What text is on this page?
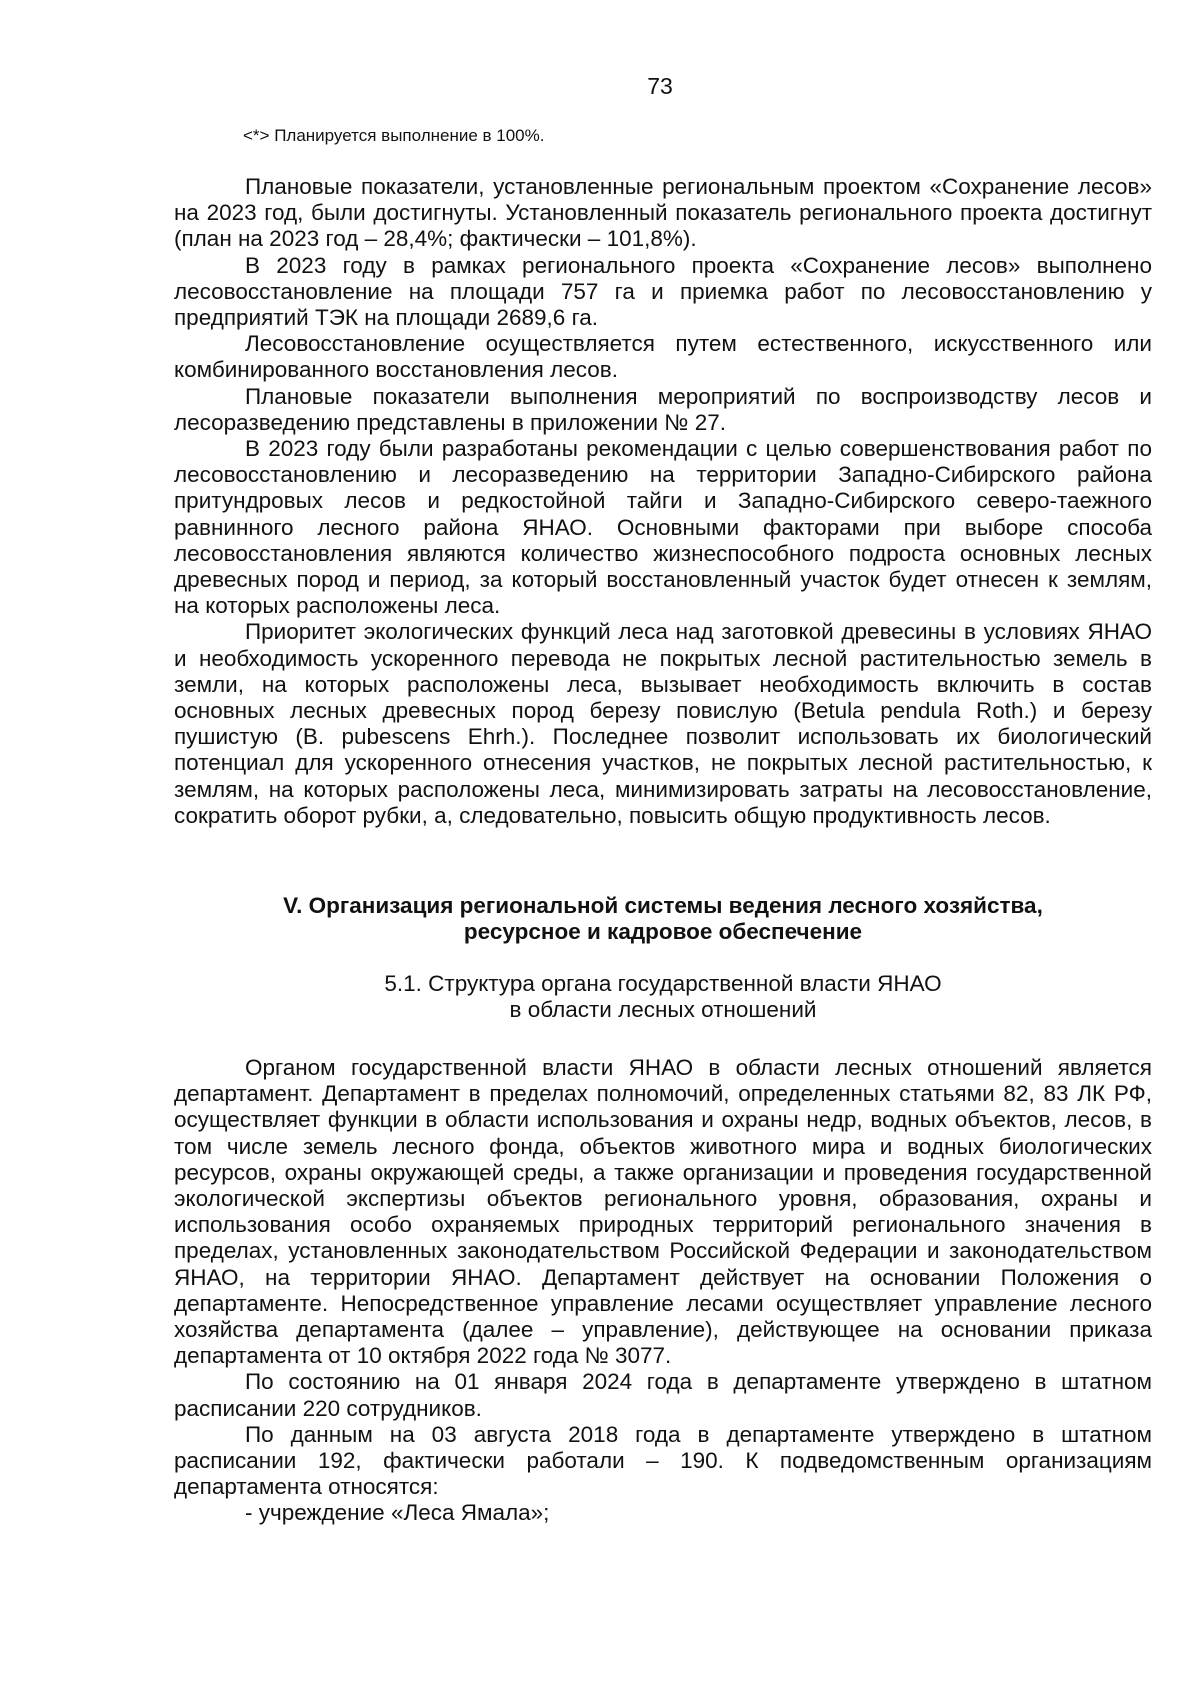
73
<*> Планируется выполнение в 100%.

Плановые показатели, установленные региональным проектом «Сохранение лесов» на 2023 год, были достигнуты. Установленный показатель регионального проекта достигнут (план на 2023 год – 28,4%; фактически – 101,8%).

В 2023 году в рамках регионального проекта «Сохранение лесов» выполнено лесовосстановление на площади 757 га и приемка работ по лесовосстановлению у предприятий ТЭК на площади 2689,6 га.

Лесовосстановление осуществляется путем естественного, искусственного или комбинированного восстановления лесов.

Плановые показатели выполнения мероприятий по воспроизводству лесов и лесоразведению представлены в приложении № 27.

В 2023 году были разработаны рекомендации с целью совершенствования работ по лесовосстановлению и лесоразведению на территории Западно-Сибирского района притундровых лесов и редкостойной тайги и Западно-Сибирского северо-таежного равнинного лесного района ЯНАО. Основными факторами при выборе способа лесовосстановления являются количество жизнеспособного подроста основных лесных древесных пород и период, за который восстановленный участок будет отнесен к землям, на которых расположены леса.

Приоритет экологических функций леса над заготовкой древесины в условиях ЯНАО и необходимость ускоренного перевода не покрытых лесной растительностью земель в земли, на которых расположены леса, вызывает необходимость включить в состав основных лесных древесных пород березу повислую (Betula pendula Roth.) и березу пушистую (B. pubescens Ehrh.). Последнее позволит использовать их биологический потенциал для ускоренного отнесения участков, не покрытых лесной растительностью, к землям, на которых расположены леса, минимизировать затраты на лесовосстановление, сократить оборот рубки, а, следовательно, повысить общую продуктивность лесов.

V. Организация региональной системы ведения лесного хозяйства,
ресурсное и кадровое обеспечение
5.1. Структура органа государственной власти ЯНАО
в области лесных отношений

Органом государственной власти ЯНАО в области лесных отношений является департамент. Департамент в пределах полномочий, определенных статьями 82, 83 ЛК РФ, осуществляет функции в области использования и охраны недр, водных объектов, лесов, в том числе земель лесного фонда, объектов животного мира и водных биологических ресурсов, охраны окружающей среды, а также организации и проведения государственной экологической экспертизы объектов регионального уровня, образования, охраны и использования особо охраняемых природных территорий регионального значения в пределах, установленных законодательством Российской Федерации и законодательством ЯНАО, на территории ЯНАО. Департамент действует на основании Положения о департаменте. Непосредственное управление лесами осуществляет управление лесного хозяйства департамента (далее – управление), действующее на основании приказа департамента от 10 октября 2022 года № 3077.

По состоянию на 01 января 2024 года в департаменте утверждено в штатном расписании 220 сотрудников.

По данным на 03 августа 2018 года в департаменте утверждено в штатном расписании 192, фактически работали – 190. К подведомственным организациям департамента относятся:

- учреждение «Леса Ямала»;
